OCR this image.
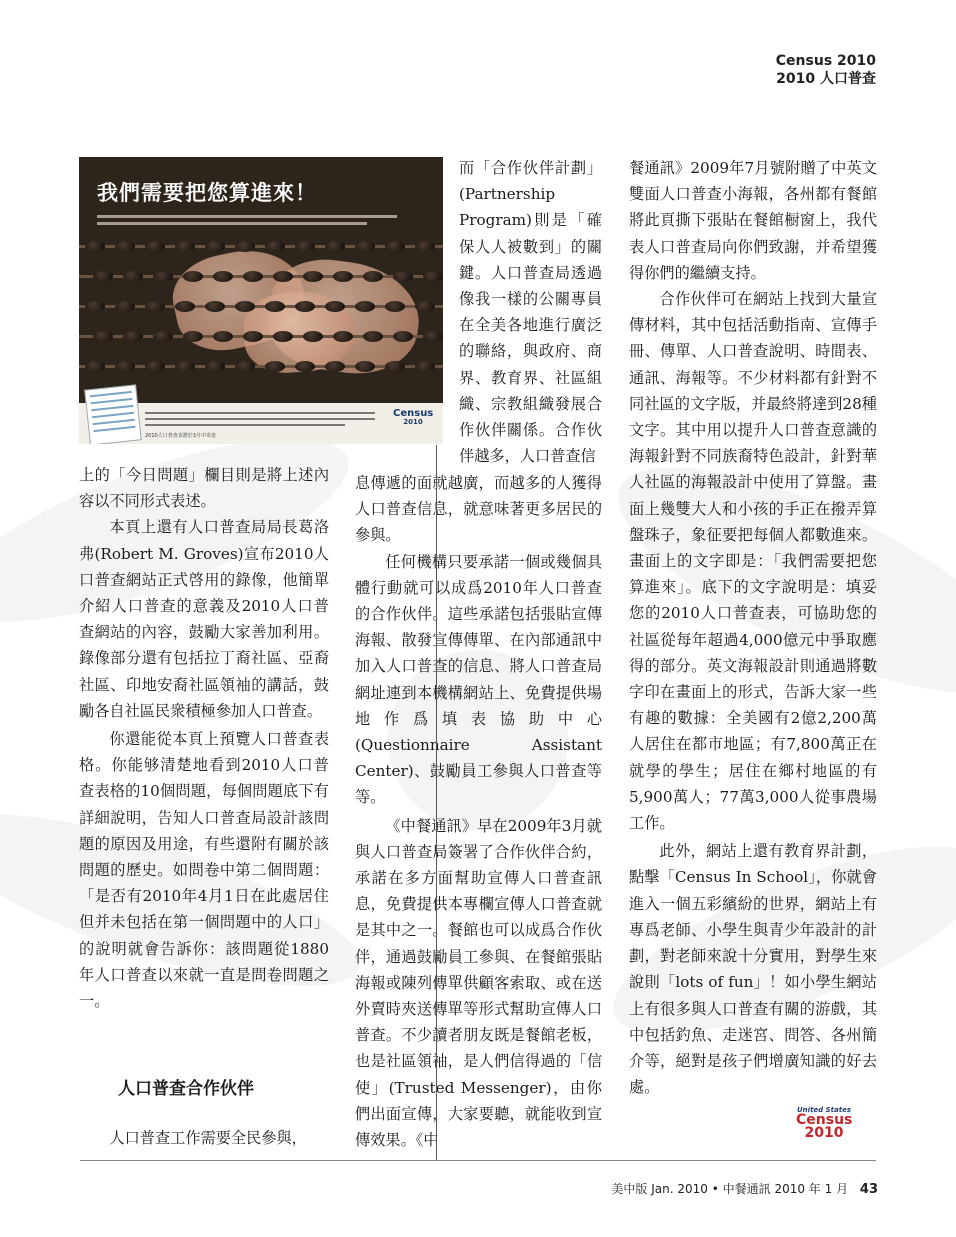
Census 2010
2010 人口普查
我們需要把您算進來！
2010人口普查表將於3月中寄達
Census
2010

上的「今日問題」欄目則是將上述內容以不同形式表述。

本頁上還有人口普查局局長葛洛弗(Robert M. Groves)宣布2010人口普查網站正式啓用的錄像，他簡單介紹人口普查的意義及2010人口普查網站的內容，鼓勵大家善加利用。錄像部分還有包括拉丁裔社區、亞裔社區、印地安裔社區領袖的講話，鼓勵各自社區民衆積極參加人口普查。

你還能從本頁上預覽人口普查表格。你能够清楚地看到2010人口普查表格的10個問題，每個問題底下有詳細說明，告知人口普查局設計該問題的原因及用途，有些還附有關於該問題的歷史。如問卷中第二個問題：「是否有2010年4月1日在此處居住但并未包括在第一個問題中的人口」的說明就會告訴你：該問題從1880年人口普查以來就一直是問卷問題之一。

人口普查合作伙伴

人口普查工作需要全民參與，

而「合作伙伴計劃」(Partnership Program)則是「確保人人被數到」的關鍵。人口普查局透過像我一樣的公關專員在全美各地進行廣泛的聯絡，與政府、商界、教育界、社區組織、宗教組織發展合作伙伴關係。合作伙伴越多，人口普查信

息傳遞的面就越廣，而越多的人獲得人口普查信息，就意味著更多居民的參與。

任何機構只要承諾一個或幾個具體行動就可以成爲2010年人口普查的合作伙伴。這些承諾包括張貼宣傳海報、散發宣傳傳單、在內部通訊中加入人口普查的信息、將人口普查局網址連到本機構網站上、免費提供場地作爲填表協助中心(Questionnaire Assistant Center)、鼓勵員工參與人口普查等等。

《中餐通訊》早在2009年3月就與人口普查局簽署了合作伙伴合約，承諾在多方面幫助宣傳人口普查訊息，免費提供本專欄宣傳人口普查就是其中之一。餐館也可以成爲合作伙伴，通過鼓勵員工參與、在餐館張貼海報或陳列傳單供顧客索取、或在送外賣時夾送傳單等形式幫助宣傳人口普查。不少讀者朋友既是餐館老板，也是社區領袖，是人們信得過的「信使」(Trusted Messenger)，由你們出面宣傳，大家要聽，就能收到宣傳效果。《中

餐通訊》2009年7月號附贈了中英文雙面人口普查小海報，各州都有餐館將此頁撕下張貼在餐館橱窗上，我代表人口普查局向你們致謝，并希望獲得你們的繼續支持。

合作伙伴可在網站上找到大量宣傳材料，其中包括活動指南、宣傳手冊、傳單、人口普查說明、時間表、通訊、海報等。不少材料都有針對不同社區的文字版，并最終將達到28種文字。其中用以提升人口普查意識的海報針對不同族裔特色設計，針對華人社區的海報設計中使用了算盤。畫面上幾雙大人和小孩的手正在撥弄算盤珠子，象征要把每個人都數進來。畫面上的文字即是：「我們需要把您算進來」。底下的文字說明是：填妥您的2010人口普查表，可協助您的社區從每年超過4,000億元中爭取應得的部分。英文海報設計則通過將數字印在畫面上的形式，告訴大家一些有趣的數據：全美國有2億2,200萬人居住在都市地區；有7,800萬正在就學的學生；居住在鄉村地區的有5,900萬人；77萬3,000人從事農場工作。

此外，網站上還有教育界計劃，點擊「Census In School」，你就會進入一個五彩繽紛的世界，網站上有專爲老師、小學生與青少年設計的計劃，對老師來說十分實用，對學生來說則「lots of fun」！如小學生網站上有很多與人口普查有關的游戲，其中包括釣魚、走迷宮、問答、各州簡介等，絕對是孩子們增廣知識的好去處。

United States
Census
2010
美中版 Jan. 2010 • 中餐通訊 2010 年 1 月 43
